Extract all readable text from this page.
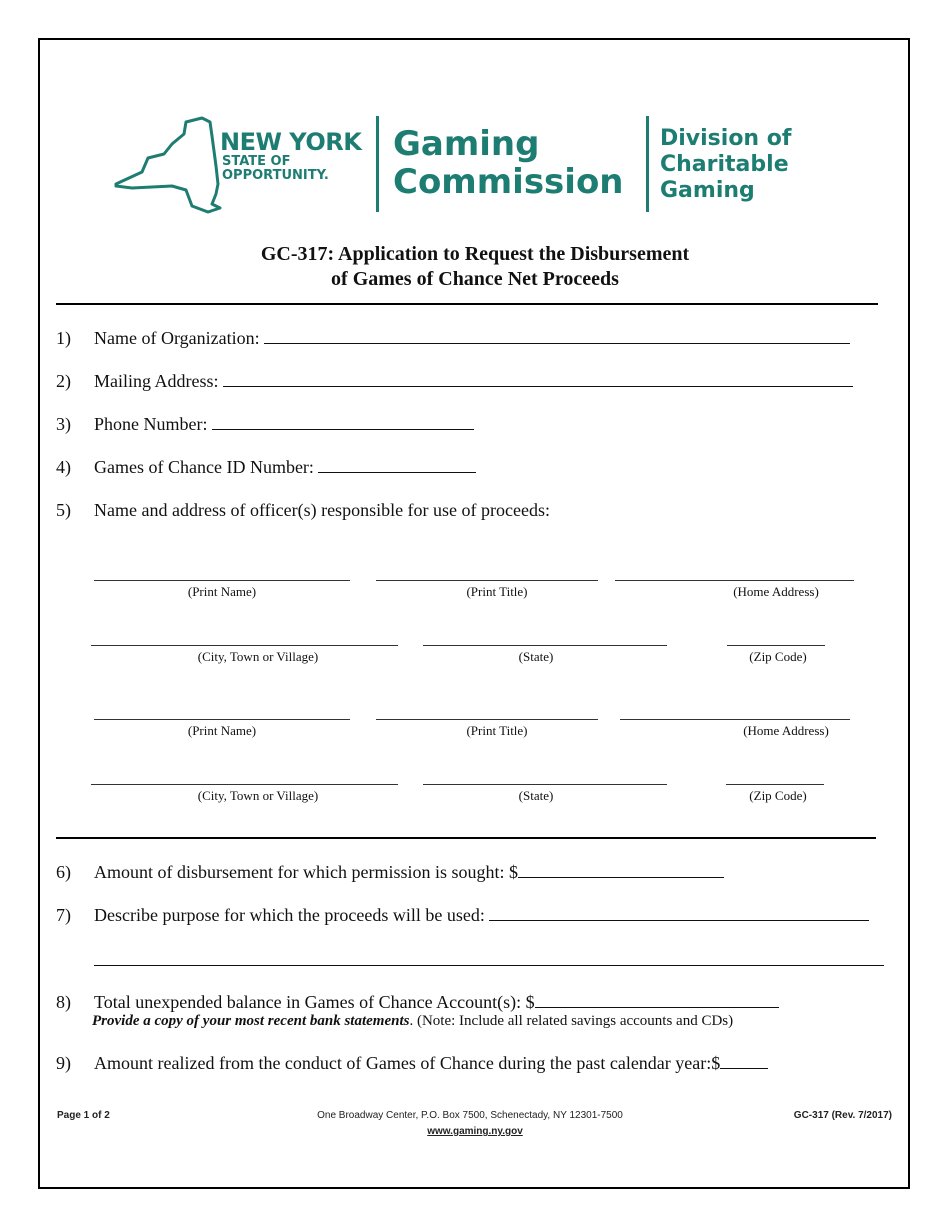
NEW YORK
STATE OF
OPPORTUNITY.
Gaming
Commission
Division of
Charitable
Gaming
GC-317: Application to Request the Disbursement
of Games of Chance Net Proceeds
1) Name of Organization:
2) Mailing Address:
3) Phone Number:
4) Games of Chance ID Number:
5) Name and address of officer(s) responsible for use of proceeds:
(Print Name)	(Print Title)	(Home Address)
(City, Town or Village)	(State)	(Zip Code)
(Print Name)	(Print Title)	(Home Address)
(City, Town or Village)	(State)	(Zip Code)
6) Amount of disbursement for which permission is sought: $
7) Describe purpose for which the proceeds will be used:
8) Total unexpended balance in Games of Chance Account(s): $
Provide a copy of your most recent bank statements. (Note: Include all related savings accounts and CDs)
9) Amount realized from the conduct of Games of Chance during the past calendar year:$
Page 1 of 2	One Broadway Center, P.O. Box 7500, Schenectady, NY 12301-7500
www.gaming.ny.gov
GC-317 (Rev. 7/2017)
